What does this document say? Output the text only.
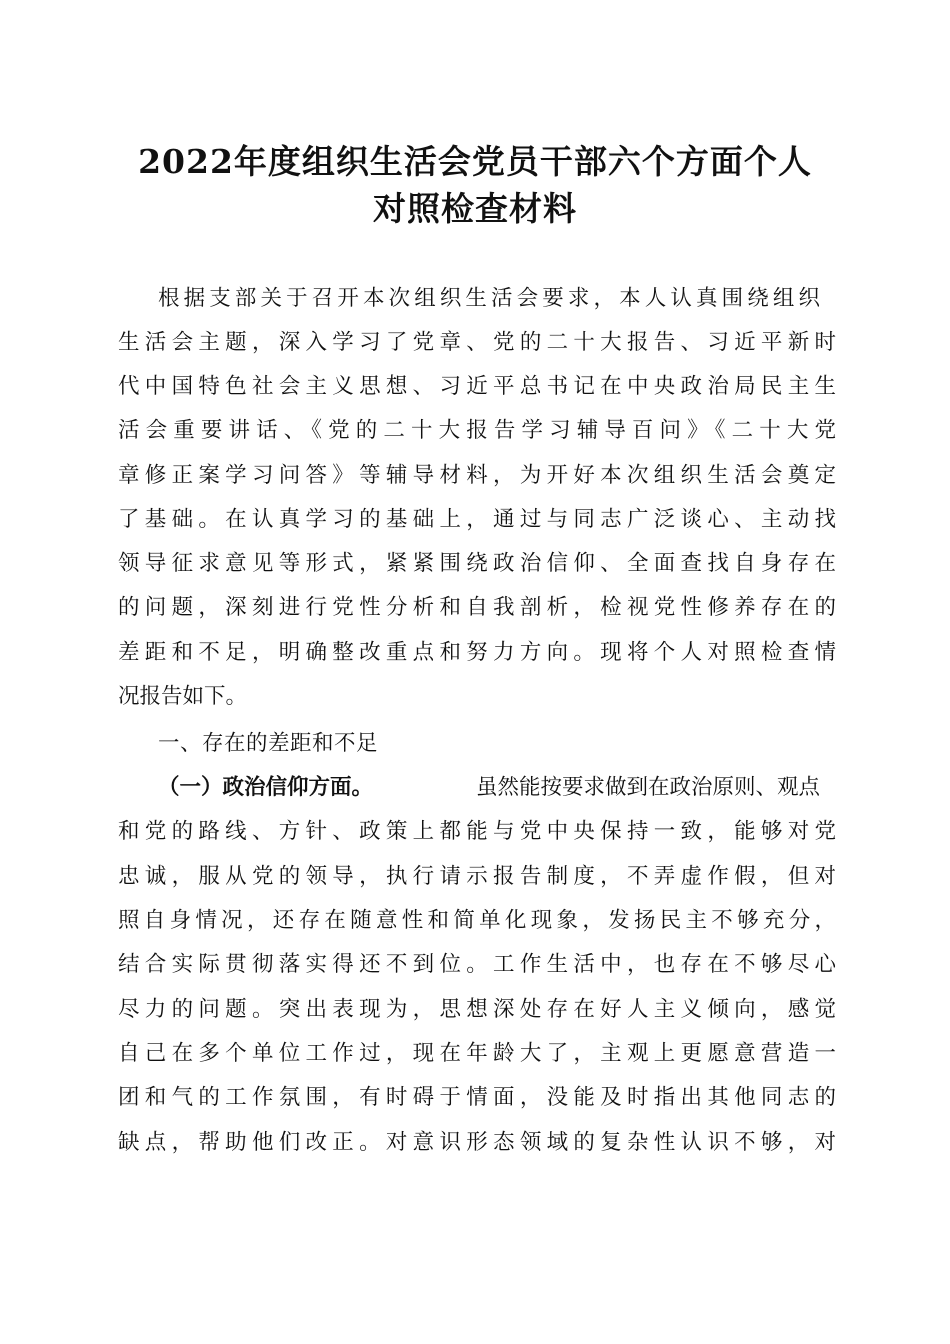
2022年度组织生活会党员干部六个方面个人
对照检查材料
根据支部关于召开本次组织生活会要求，本人认真围绕组织
生活会主题，深入学习了党章、党的二十大报告、习近平新时
代中国特色社会主义思想、习近平总书记在中央政治局民主生
活会重要讲话、《党的二十大报告学习辅导百问》《二十大党
章修正案学习问答》等辅导材料，为开好本次组织生活会奠定
了基础。在认真学习的基础上，通过与同志广泛谈心、主动找
领导征求意见等形式，紧紧围绕政治信仰、全面查找自身存在
的问题，深刻进行党性分析和自我剖析，检视党性修养存在的
差距和不足，明确整改重点和努力方向。现将个人对照检查情
况报告如下。
一、存在的差距和不足
（一）政治信仰方面。	虽然能按要求做到在政治原则、观点
和党的路线、方针、政策上都能与党中央保持一致，能够对党
忠诚，服从党的领导，执行请示报告制度，不弄虚作假，但对
照自身情况，还存在随意性和简单化现象，发扬民主不够充分，
结合实际贯彻落实得还不到位。工作生活中，也存在不够尽心
尽力的问题。突出表现为，思想深处存在好人主义倾向，感觉
自己在多个单位工作过，现在年龄大了，主观上更愿意营造一
团和气的工作氛围，有时碍于情面，没能及时指出其他同志的
缺点，帮助他们改正。对意识形态领域的复杂性认识不够，对
